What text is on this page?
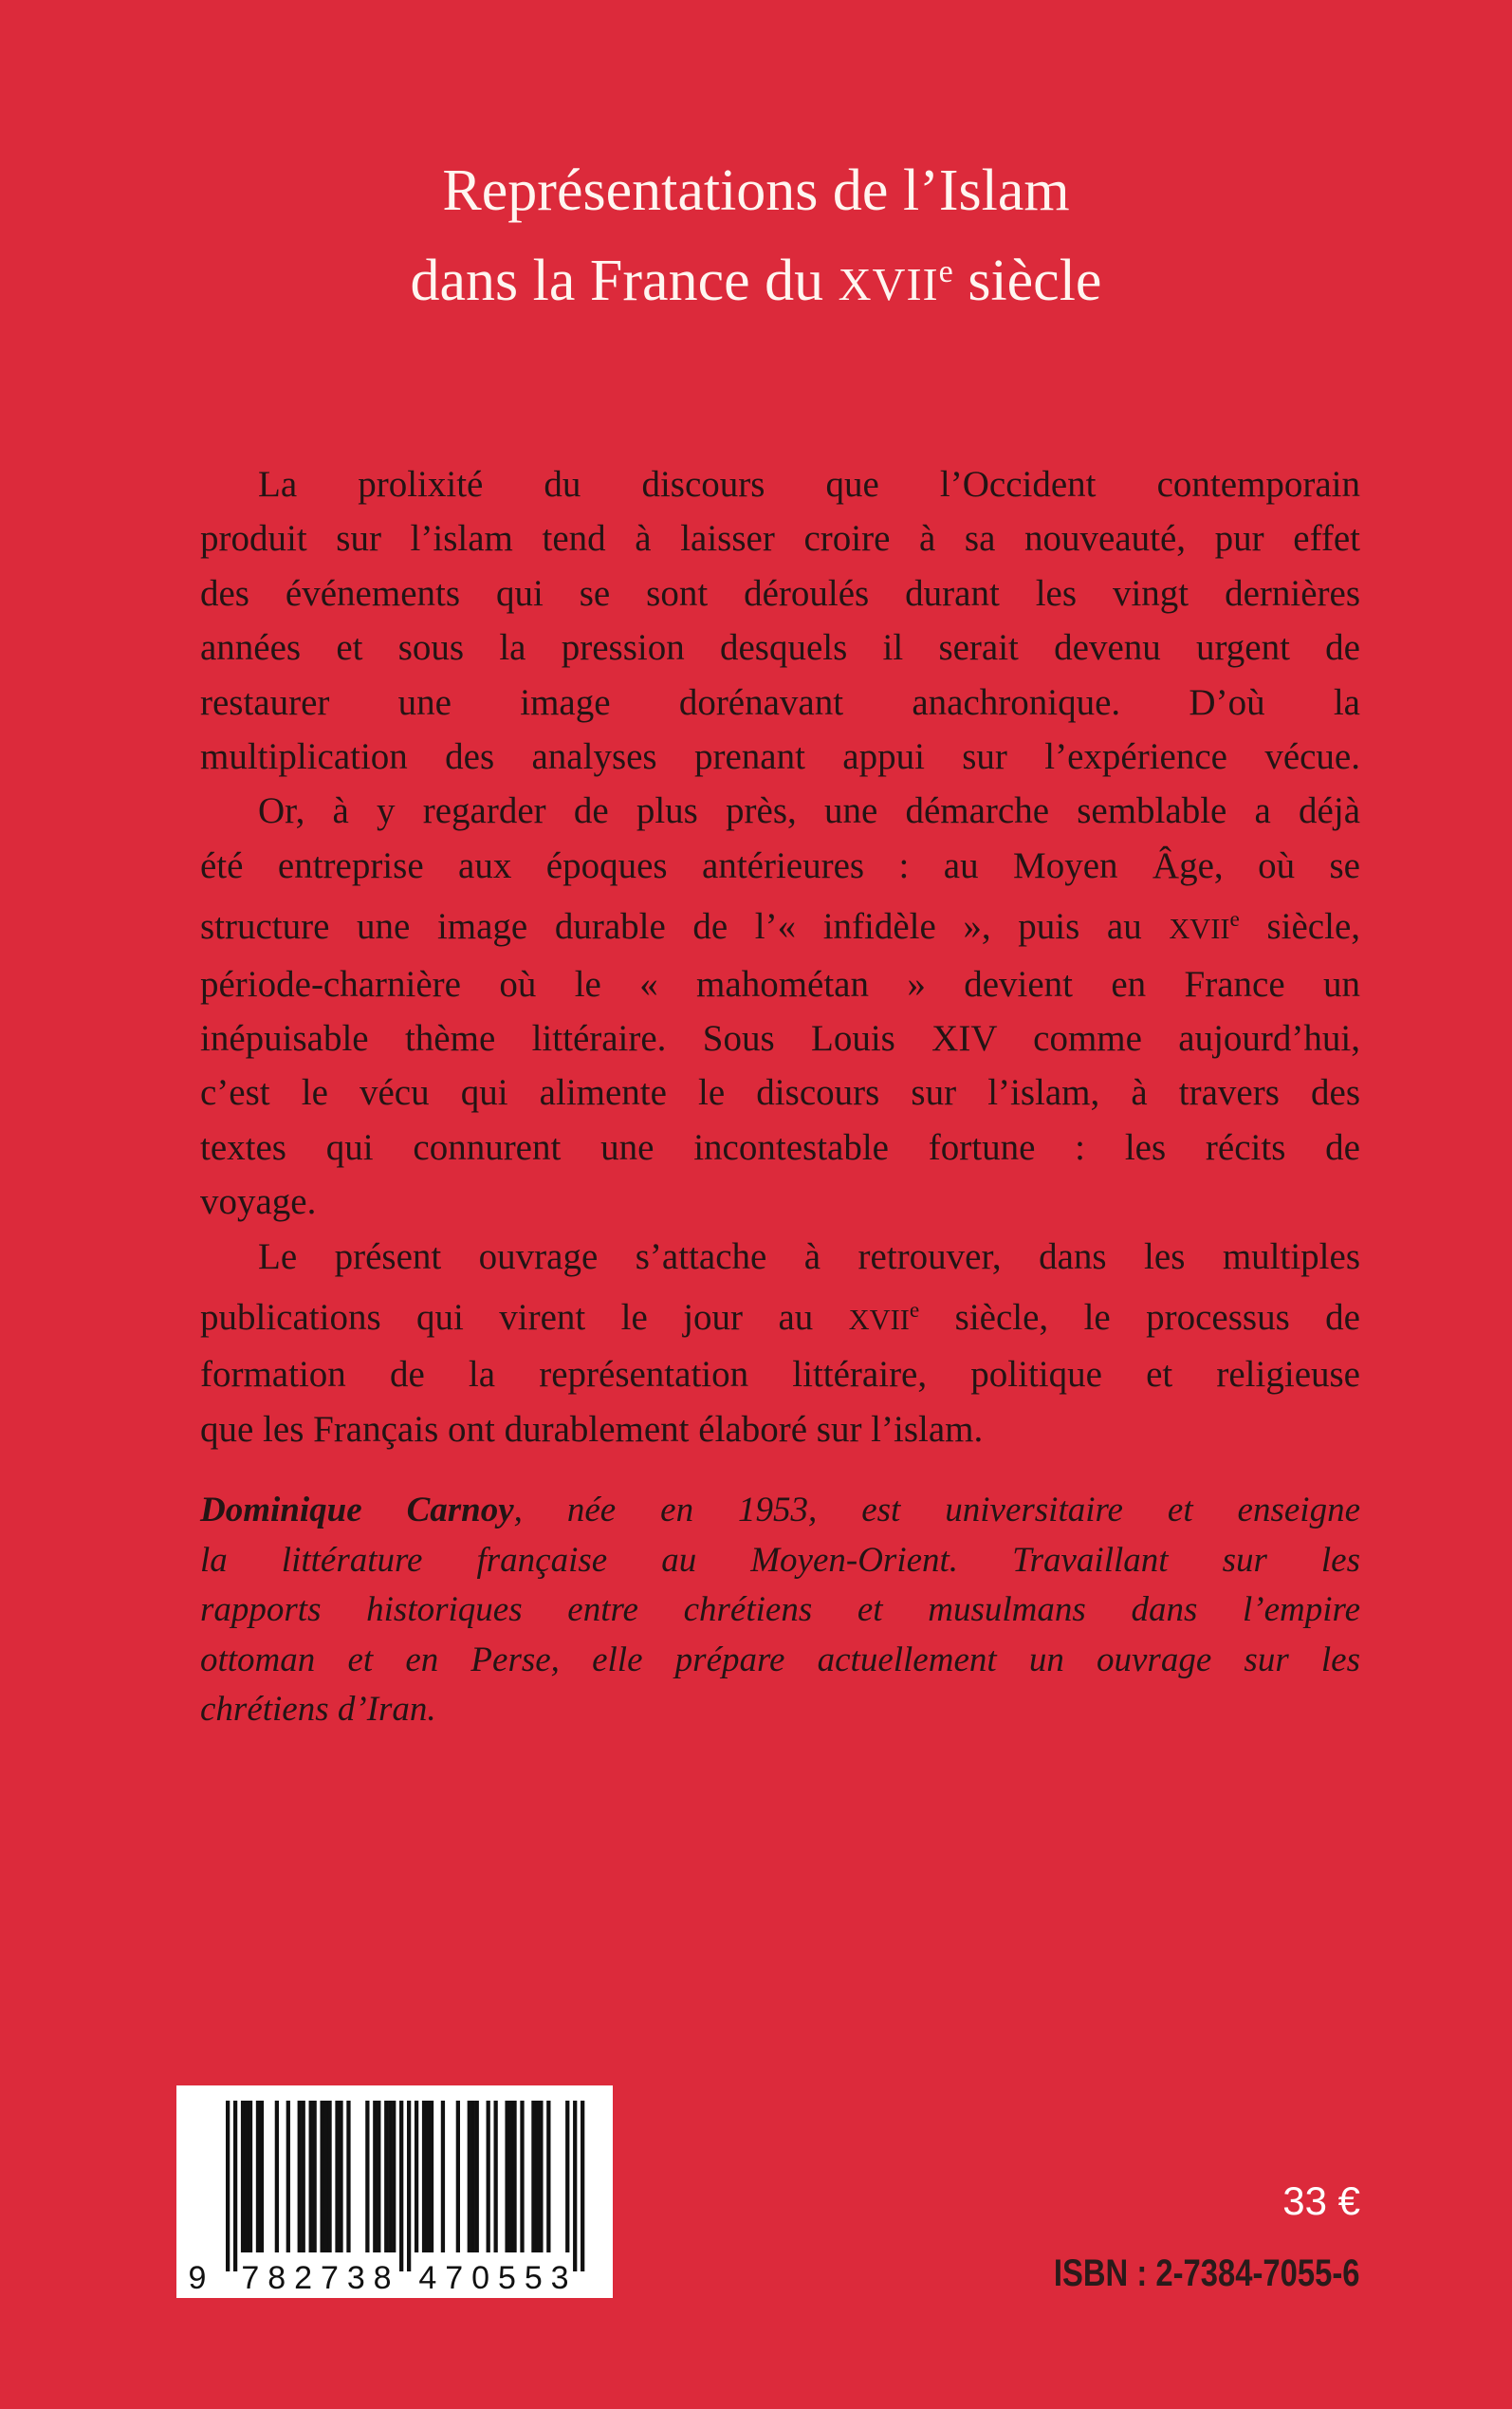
Représentations de l’Islam
dans la France du XVIIe siècle
La prolixité du discours que l’Occident contemporain
produit sur l’islam tend à laisser croire à sa nouveauté, pur effet
des événements qui se sont déroulés durant les vingt dernières
années et sous la pression desquels il serait devenu urgent de
restaurer une image dorénavant anachronique. D’où la
multiplication des analyses prenant appui sur l’expérience vécue.
Or, à y regarder de plus près, une démarche semblable a déjà
été entreprise aux époques antérieures : au Moyen Âge, où se
structure une image durable de l’« infidèle », puis au XVIIe siècle,
période-charnière où le « mahométan » devient en France un
inépuisable thème littéraire. Sous Louis XIV comme aujourd’hui,
c’est le vécu qui alimente le discours sur l’islam, à travers des
textes qui connurent une incontestable fortune : les récits de
voyage.
Le présent ouvrage s’attache à retrouver, dans les multiples
publications qui virent le jour au XVIIe siècle, le processus de
formation de la représentation littéraire, politique et religieuse
que les Français ont durablement élaboré sur l’islam.
Dominique Carnoy, née en 1953, est universitaire et enseigne
la littérature française au Moyen-Orient. Travaillant sur les
rapports historiques entre chrétiens et musulmans dans l’empire
ottoman et en Perse, elle prépare actuellement un ouvrage sur les
chrétiens d’Iran.
9 7 8 2 7 3 8 4 7 0 5 5 3
33 €
ISBN : 2-7384-7055-6
